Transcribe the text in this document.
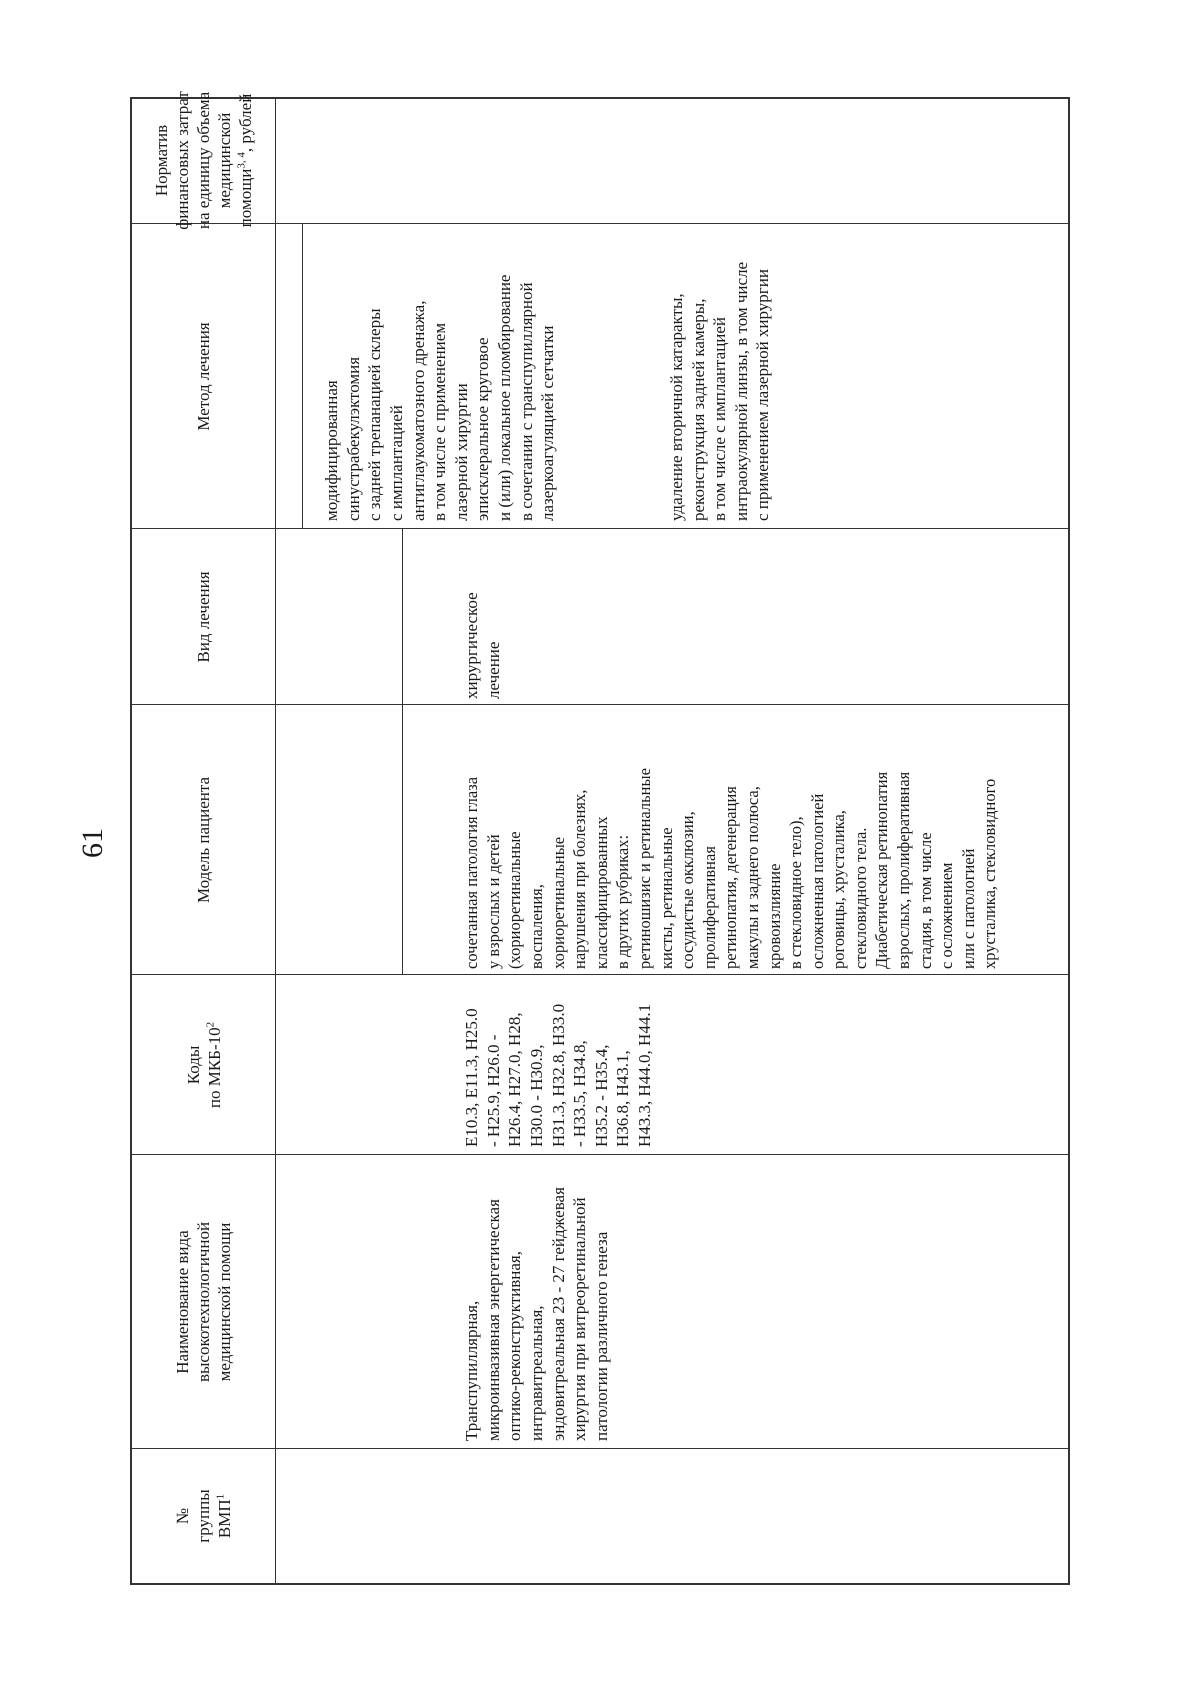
61
№
группы
ВМП$^1$
Наименование вида
высокотехнологичной
медицинской помощи
Коды
по МКБ-$10^2$
Модель пациента
Вид лечения
Метод лечения
Норматив
финансовых затрат
на единицу объема
медицинской
помощи$^{3, 4}$, рублей

модифицированная синустрабекулэктомия с задней трепанацией склеры с имплантацией антиглаукоматозного дренажа, в том числе с применением лазерной хирургии эписклеральное круговое и (или) локальное пломбирование в сочетании с транспупиллярной лазеркоагуляцией сетчатки

	удаление вторичной катаракты, реконструкция задней камеры, в том числе с имплантацией интраокулярной линзы, в том числе с применением лазерной хирургии

Транспупиллярная, микроинвазивная энергетическая оптико-реконструктивная, интравитреальная, эндовитреальная 23 - 27 гейджевая хирургия при витреоретинальной патологии различного генеза

E10.3, E11.3, H25.0 - H25.9, H26.0 - H26.4, H27.0, H28, H30.0 - H30.9, H31.3, H32.8, H33.0 - H33.5, H34.8, H35.2 - H35.4, H36.8, H43.1, H43.3, H44.0, H44.1

сочетанная патология глаза у взрослых и детей (хориоретинальные воспаления, хориоретинальные нарушения при болезнях, классифицированных в других рубриках: ретиношизис и ретинальные кисты, ретинальные сосудистые окклюзии, пролиферативная ретинопатия, дегенерация макулы и заднего полюса, кровоизлияние в стекловидное тело), осложненная патологией роговицы, хрусталика, стекловидного тела. Диабетическая ретинопатия взрослых, пролиферативная стадия, в том числе с осложнением или с патологией хрусталика, стекловидного

хирургическое лечение
